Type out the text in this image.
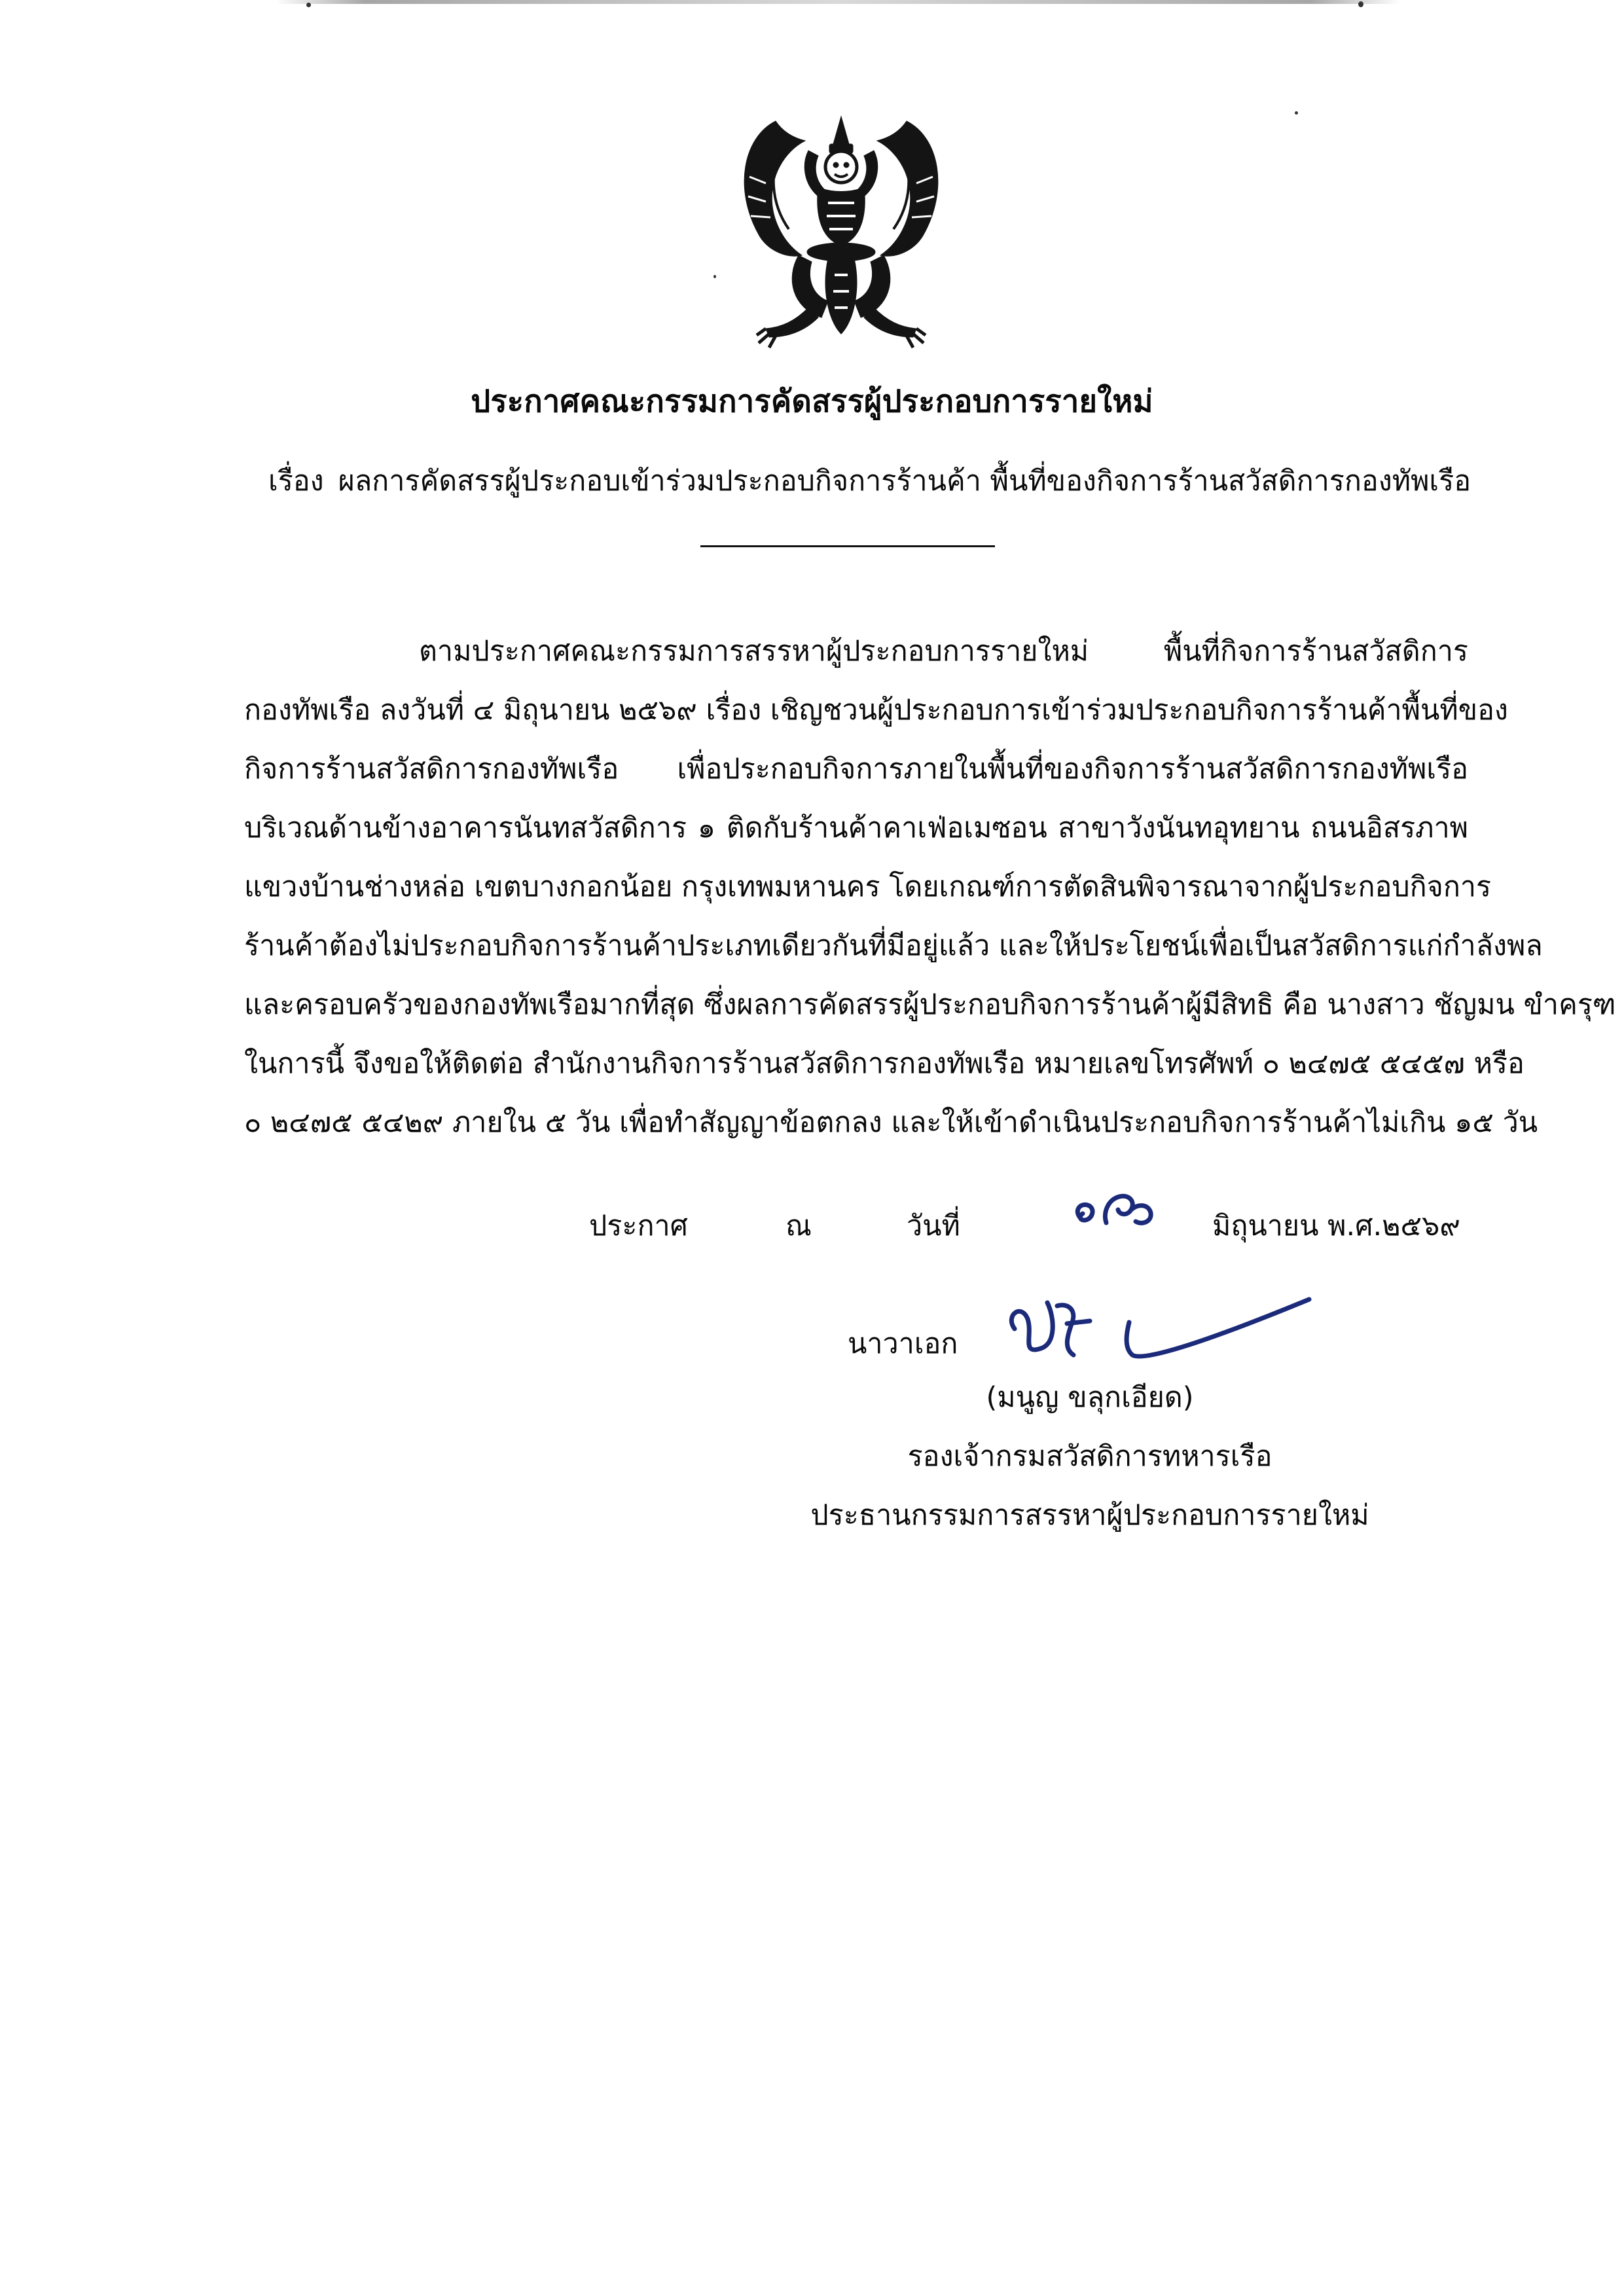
ประกาศคณะกรรมการคัดสรรผู้ประกอบการรายใหม่
เรื่อง ผลการคัดสรรผู้ประกอบเข้าร่วมประกอบกิจการร้านค้า พื้นที่ของกิจการร้านสวัสดิการกองทัพเรือ
ตามประกาศคณะกรรมการสรรหาผู้ประกอบการรายใหม่ พื้นที่กิจการร้านสวัสดิการ
กองทัพเรือ ลงวันที่ ๔ มิถุนายน ๒๕๖๙ เรื่อง เชิญชวนผู้ประกอบการเข้าร่วมประกอบกิจการร้านค้าพื้นที่ของ
กิจการร้านสวัสดิการกองทัพเรือ เพื่อประกอบกิจการภายในพื้นที่ของกิจการร้านสวัสดิการกองทัพเรือ
บริเวณด้านข้างอาคารนันทสวัสดิการ ๑ ติดกับร้านค้าคาเฟ่อเมซอน สาขาวังนันทอุทยาน ถนนอิสรภาพ
แขวงบ้านช่างหล่อ เขตบางกอกน้อย กรุงเทพมหานคร โดยเกณฑ์การตัดสินพิจารณาจากผู้ประกอบกิจการ
ร้านค้าต้องไม่ประกอบกิจการร้านค้าประเภทเดียวกันที่มีอยู่แล้ว และให้ประโยชน์เพื่อเป็นสวัสดิการแก่กำลังพล
และครอบครัวของกองทัพเรือมากที่สุด ซึ่งผลการคัดสรรผู้ประกอบกิจการร้านค้าผู้มีสิทธิ คือ นางสาว ชัญมน ขำครุฑ
ในการนี้ จึงขอให้ติดต่อ สำนักงานกิจการร้านสวัสดิการกองทัพเรือ หมายเลขโทรศัพท์ ๐ ๒๔๗๕ ๕๔๕๗ หรือ
๐ ๒๔๗๕ ๕๔๒๙ ภายใน ๕ วัน เพื่อทำสัญญาข้อตกลง และให้เข้าดำเนินประกอบกิจการร้านค้าไม่เกิน ๑๕ วัน
ประกาศ	ณ	วันที่	มิถุนายน พ.ศ.๒๕๖๙
นาวาเอก
(มนูญ ขลุกเอียด)
รองเจ้ากรมสวัสดิการทหารเรือ
ประธานกรรมการสรรหาผู้ประกอบการรายใหม่
